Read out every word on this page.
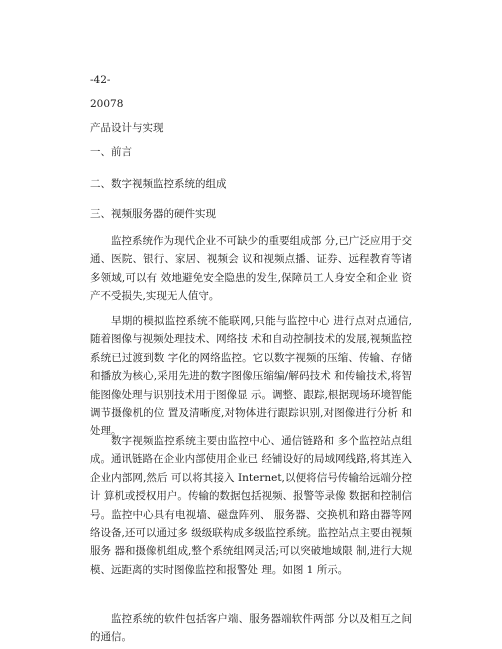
-42-
20078
产品设计与实现
一、前言
二、数字视频监控系统的组成
三、视频服务器的硬件实现

监控系统作为现代企业不可缺少的重要组成部 分,已广泛应用于交通、医院、银行、家居、视频会 议和视频点播、证券、远程教育等诸多领域,可以有 效地避免安全隐患的发生,保障员工人身安全和企业 资产不受损失,实现无人值守。

早期的模拟监控系统不能联网,只能与监控中心 进行点对点通信,随着图像与视频处理技术、网络技 术和自动控制技术的发展,视频监控系统已过渡到数 字化的网络监控。它以数字视频的压缩、传输、存储 和播放为核心,采用先进的数字图像压缩编/解码技术 和传输技术,将智能图像处理与识别技术用于图像显 示。调整、跟踪,根据现场环境智能调节摄像机的位 置及清晰度,对物体进行跟踪识别,对图像进行分析 和处理。

数字视频监控系统主要由监控中心、通信链路和 多个监控站点组成。通讯链路在企业内部使用企业已 经铺设好的局域网线路,将其连入企业内部网,然后 可以将其接入 Internet,以便将信号传输给远端分控计 算机或授权用户。传输的数据包括视频、报警等录像 数据和控制信号。监控中心具有电视墙、磁盘阵列、 服务器、交换机和路由器等网络设备,还可以通过多 级级联构成多级监控系统。监控站点主要由视频服务 器和摄像机组成,整个系统组网灵活;可以突破地域限 制,进行大规模、远距离的实时图像监控和报警处 理。如图 1 所示。

监控系统的软件包括客户端、服务器端软件两部 分以及相互之间的通信。
